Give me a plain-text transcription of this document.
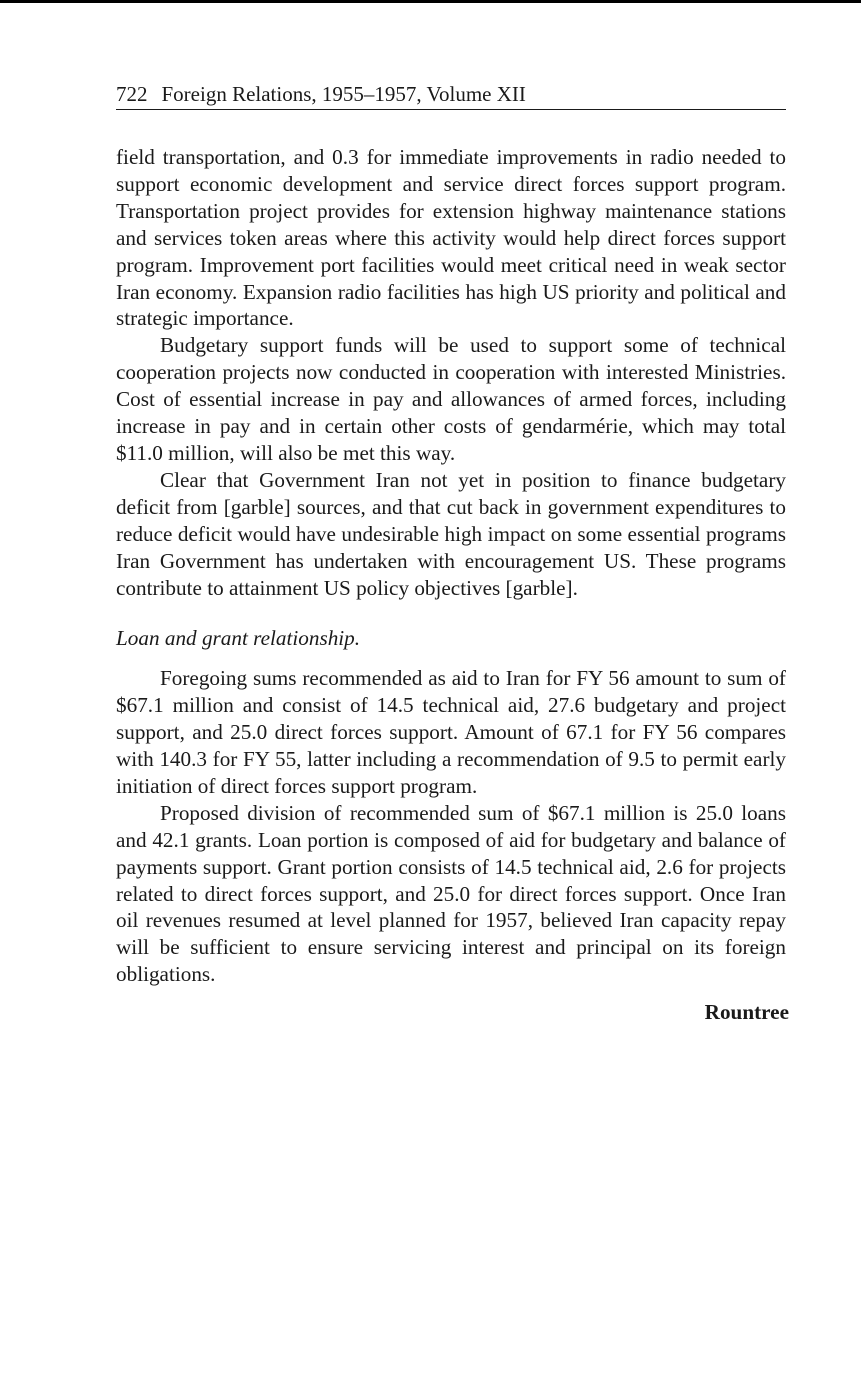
722 Foreign Relations, 1955–1957, Volume XII

field transportation, and 0.3 for immediate improvements in radio needed to support economic development and service direct forces support program. Transportation project provides for extension highway maintenance stations and services token areas where this activity would help direct forces support program. Improvement port facilities would meet critical need in weak sector Iran economy. Expansion radio facilities has high US priority and political and strategic importance.

Budgetary support funds will be used to support some of technical cooperation projects now conducted in cooperation with interested Ministries. Cost of essential increase in pay and allowances of armed forces, including increase in pay and in certain other costs of gendarmérie, which may total $11.0 million, will also be met this way.

Clear that Government Iran not yet in position to finance budgetary deficit from [garble] sources, and that cut back in government expenditures to reduce deficit would have undesirable high impact on some essential programs Iran Government has undertaken with encouragement US. These programs contribute to attainment US policy objectives [garble].

Loan and grant relationship.

Foregoing sums recommended as aid to Iran for FY 56 amount to sum of $67.1 million and consist of 14.5 technical aid, 27.6 budgetary and project support, and 25.0 direct forces support. Amount of 67.1 for FY 56 compares with 140.3 for FY 55, latter including a recommendation of 9.5 to permit early initiation of direct forces support program.

Proposed division of recommended sum of $67.1 million is 25.0 loans and 42.1 grants. Loan portion is composed of aid for budgetary and balance of payments support. Grant portion consists of 14.5 technical aid, 2.6 for projects related to direct forces support, and 25.0 for direct forces support. Once Iran oil revenues resumed at level planned for 1957, believed Iran capacity repay will be sufficient to ensure servicing interest and principal on its foreign obligations.

Rountree
